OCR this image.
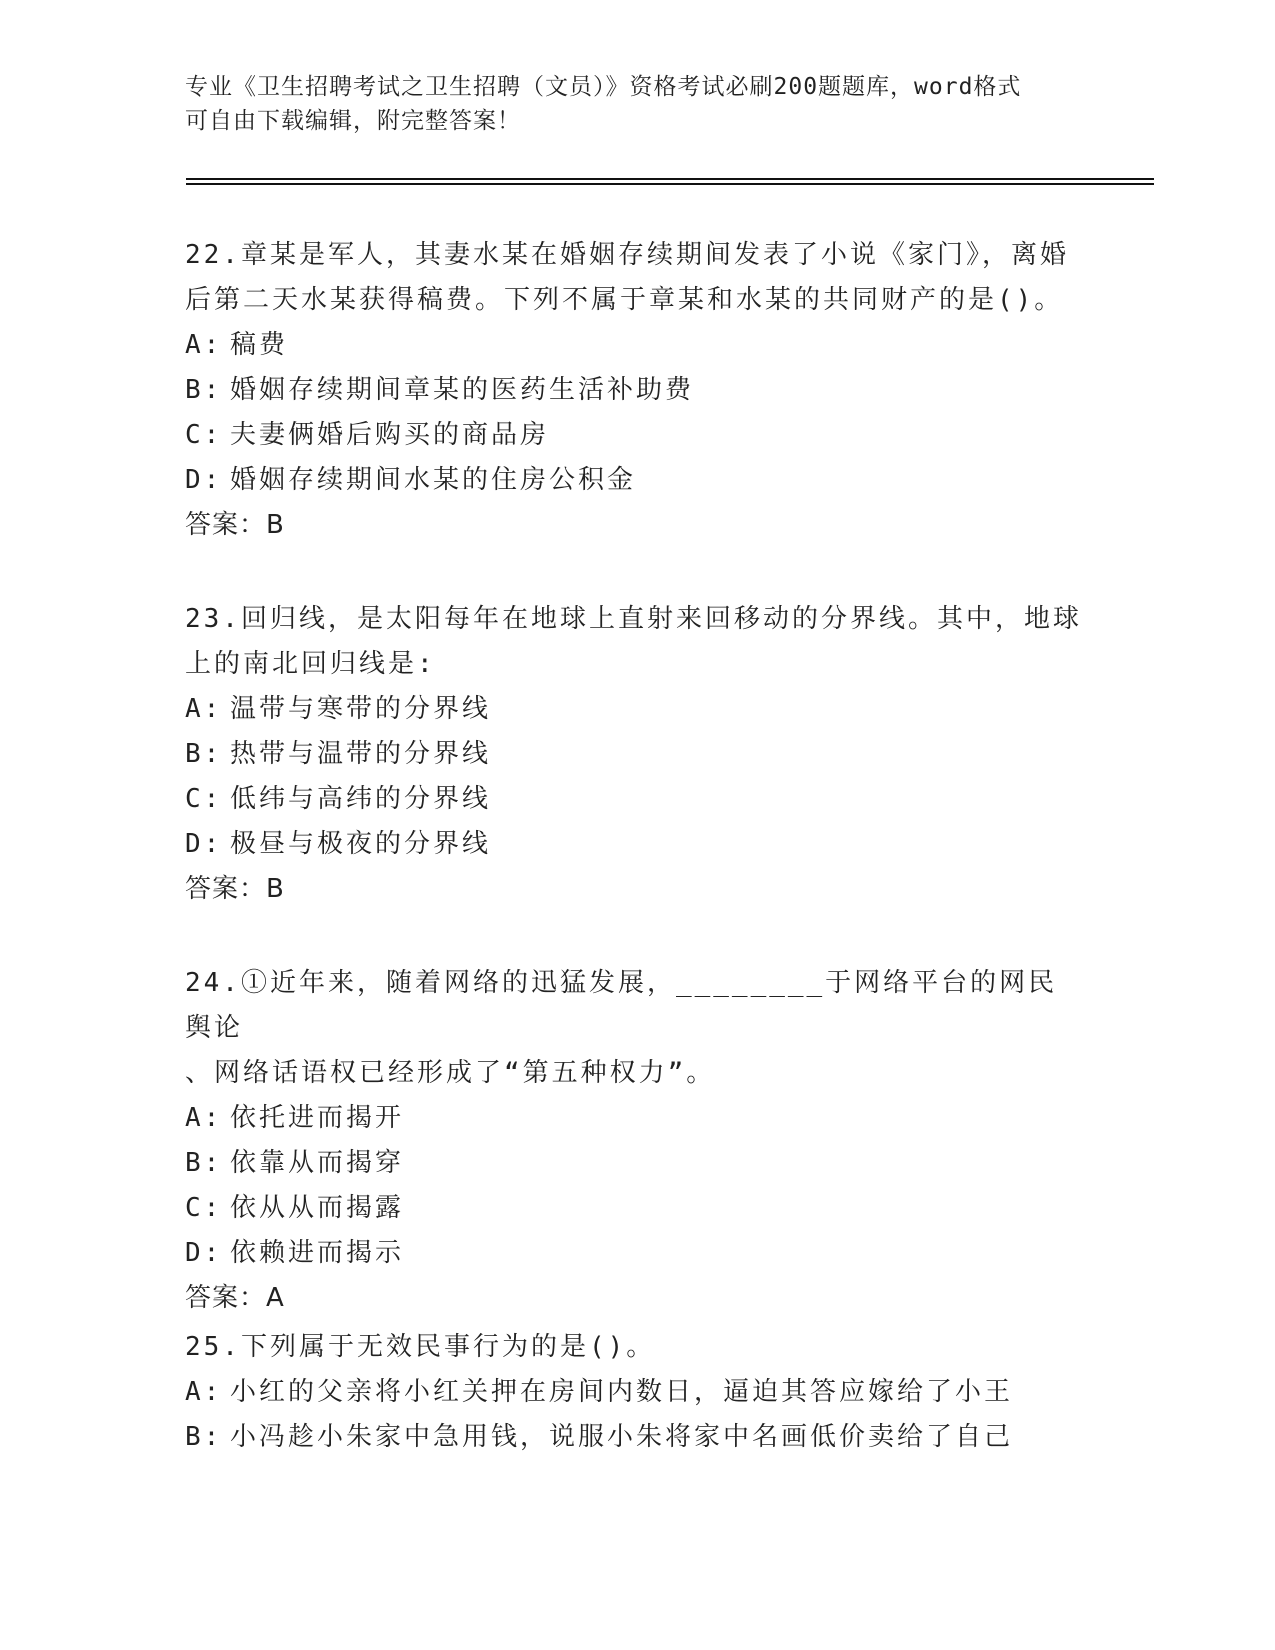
专业《卫生招聘考试之卫生招聘（文员）》资格考试必刷200题题库，word格式
可自由下载编辑，附完整答案！
22.章某是军人，其妻水某在婚姻存续期间发表了小说《家门》，离婚
后第二天水某获得稿费。下列不属于章某和水某的共同财产的是()。
A: 稿费
B: 婚姻存续期间章某的医药生活补助费
C: 夫妻俩婚后购买的商品房
D: 婚姻存续期间水某的住房公积金
答案：B
23.回归线，是太阳每年在地球上直射来回移动的分界线。其中，地球
上的南北回归线是:
A: 温带与寒带的分界线
B: 热带与温带的分界线
C: 低纬与高纬的分界线
D: 极昼与极夜的分界线
答案：B
24.①近年来，随着网络的迅猛发展，________于网络平台的网民舆论
、网络话语权已经形成了“第五种权力”。
A: 依托进而揭开
B: 依靠从而揭穿
C: 依从从而揭露
D: 依赖进而揭示
答案：A
25.下列属于无效民事行为的是()。
A: 小红的父亲将小红关押在房间内数日，逼迫其答应嫁给了小王
B: 小冯趁小朱家中急用钱，说服小朱将家中名画低价卖给了自己
